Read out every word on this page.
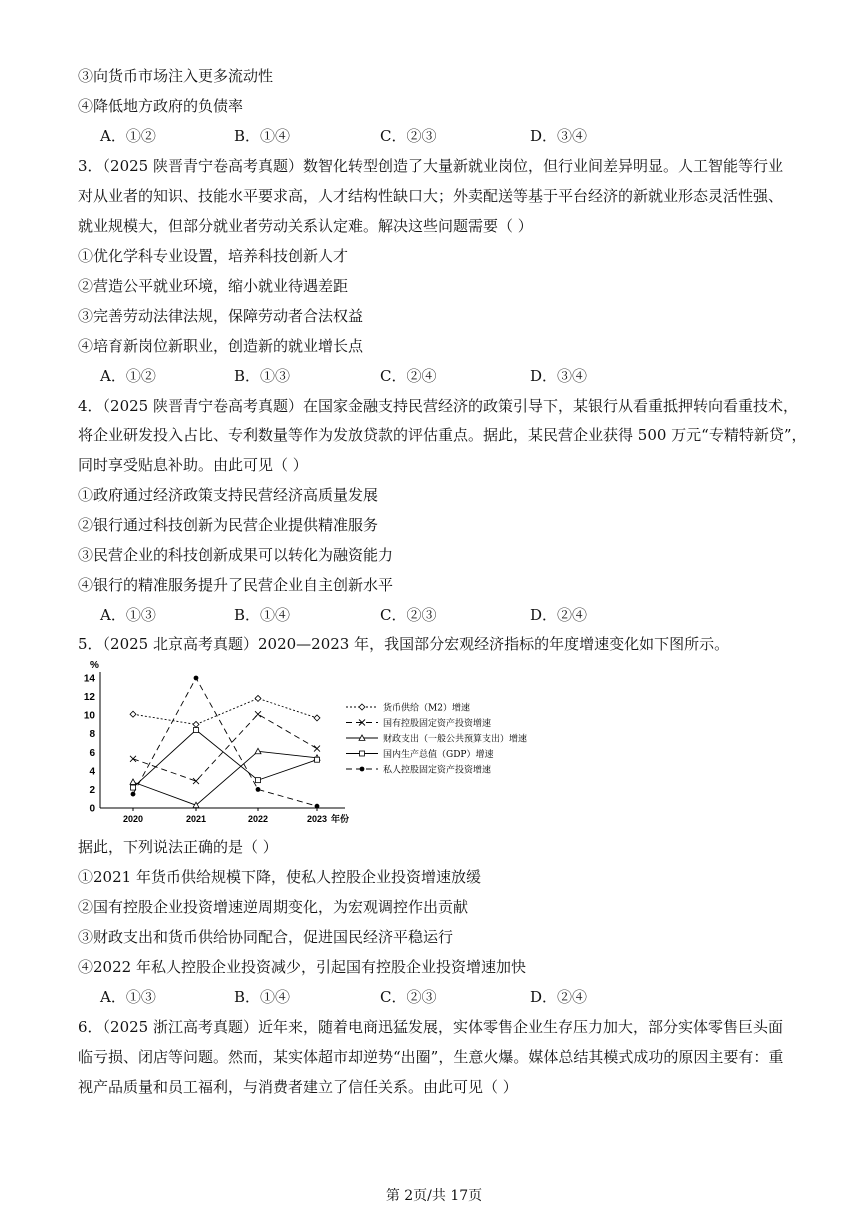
③向货币市场注入更多流动性
④降低地方政府的负债率
A．①②	B．①④	C．②③	D．③④
3．（2025 陕晋青宁卷高考真题）数智化转型创造了大量新就业岗位，但行业间差异明显。人工智能等行业
对从业者的知识、技能水平要求高，人才结构性缺口大；外卖配送等基于平台经济的新就业形态灵活性强、
就业规模大，但部分就业者劳动关系认定难。解决这些问题需要（ ）
①优化学科专业设置，培养科技创新人才
②营造公平就业环境，缩小就业待遇差距
③完善劳动法律法规，保障劳动者合法权益
④培育新岗位新职业，创造新的就业增长点
A．①②	B．①③	C．②④	D．③④
4．（2025 陕晋青宁卷高考真题）在国家金融支持民营经济的政策引导下，某银行从看重抵押转向看重技术，
将企业研发投入占比、专利数量等作为发放贷款的评估重点。据此，某民营企业获得 500 万元“专精特新贷”，
同时享受贴息补助。由此可见（ ）
①政府通过经济政策支持民营经济高质量发展
②银行通过科技创新为民营企业提供精准服务
③民营企业的科技创新成果可以转化为融资能力
④银行的精准服务提升了民营企业自主创新水平
A．①③	B．①④	C．②③	D．②④
5．（2025 北京高考真题）2020—2023 年，我国部分宏观经济指标的年度增速变化如下图所示。
%
0
2
4
6
8
10
12
14
2020	2021	2022	2023 年份
货币供给（M2）增速
国有控股固定资产投资增速
财政支出（一般公共预算支出）增速
国内生产总值（GDP）增速
私人控股固定资产投资增速
据此，下列说法正确的是（ ）
①2021 年货币供给规模下降，使私人控股企业投资增速放缓
②国有控股企业投资增速逆周期变化，为宏观调控作出贡献
③财政支出和货币供给协同配合，促进国民经济平稳运行
④2022 年私人控股企业投资减少，引起国有控股企业投资增速加快
A．①③	B．①④	C．②③	D．②④
6．（2025 浙江高考真题）近年来，随着电商迅猛发展，实体零售企业生存压力加大，部分实体零售巨头面
临亏损、闭店等问题。然而，某实体超市却逆势“出圈”，生意火爆。媒体总结其模式成功的原因主要有：重
视产品质量和员工福利，与消费者建立了信任关系。由此可见（ ）
第 2页/共 17页
